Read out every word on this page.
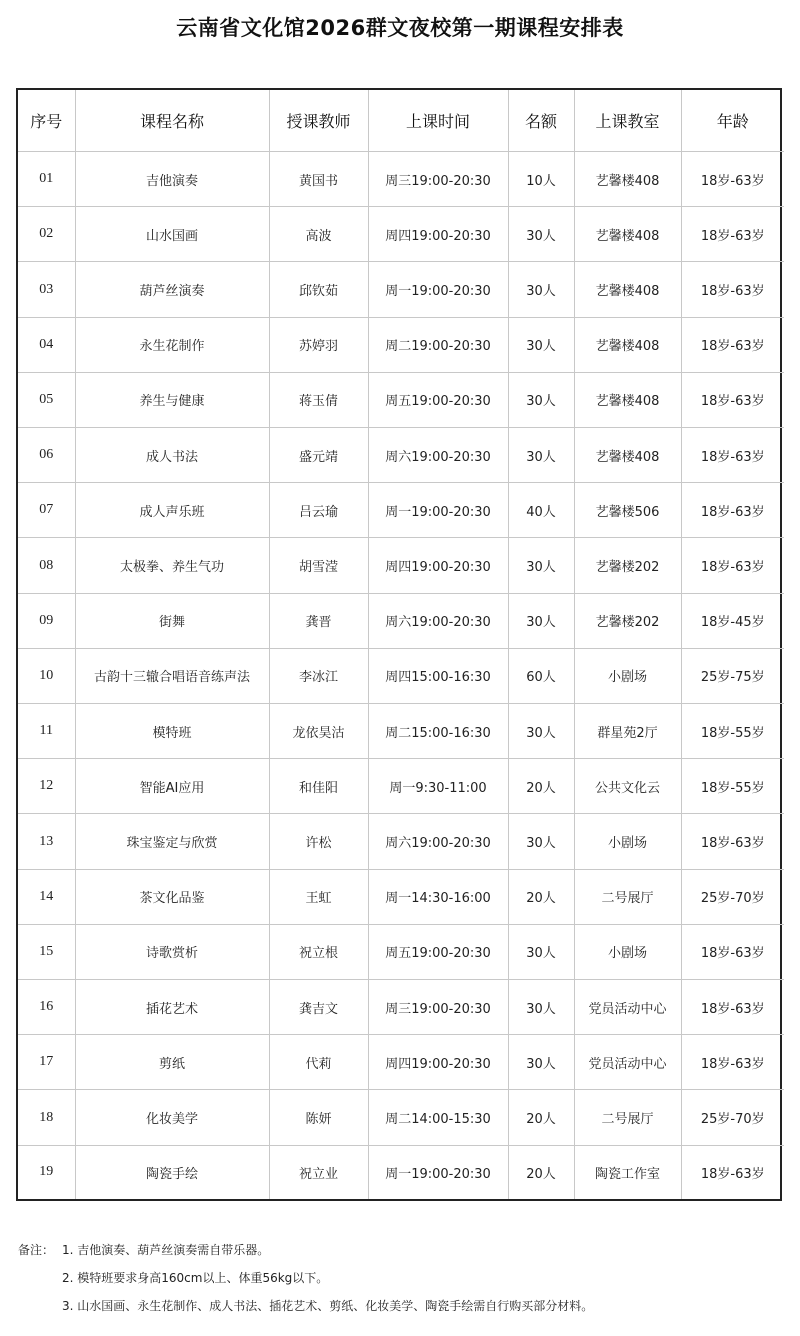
云南省文化馆2026群文夜校第一期课程安排表
序号	课程名称	授课教师	上课时间	名额	上课教室	年龄
01	吉他演奏	黄国书	周三19:00-20:30	10人	艺馨楼408	18岁-63岁
02	山水国画	高波	周四19:00-20:30	30人	艺馨楼408	18岁-63岁
03	葫芦丝演奏	邱钦茹	周一19:00-20:30	30人	艺馨楼408	18岁-63岁
04	永生花制作	苏婷羽	周二19:00-20:30	30人	艺馨楼408	18岁-63岁
05	养生与健康	蒋玉倩	周五19:00-20:30	30人	艺馨楼408	18岁-63岁
06	成人书法	盛元靖	周六19:00-20:30	30人	艺馨楼408	18岁-63岁
07	成人声乐班	吕云瑜	周一19:00-20:30	40人	艺馨楼506	18岁-63岁
08	太极拳、养生气功	胡雪滢	周四19:00-20:30	30人	艺馨楼202	18岁-63岁
09	街舞	龚晋	周六19:00-20:30	30人	艺馨楼202	18岁-45岁
10	古韵十三辙合唱语音练声法	李冰江	周四15:00-16:30	60人	小剧场	25岁-75岁
11	模特班	龙依昊沽	周二15:00-16:30	30人	群星苑2厅	18岁-55岁
12	智能AI应用	和佳阳	周一9:30-11:00	20人	公共文化云	18岁-55岁
13	珠宝鉴定与欣赏	许松	周六19:00-20:30	30人	小剧场	18岁-63岁
14	茶文化品鉴	王虹	周一14:30-16:00	20人	二号展厅	25岁-70岁
15	诗歌赏析	祝立根	周五19:00-20:30	30人	小剧场	18岁-63岁
16	插花艺术	龚吉文	周三19:00-20:30	30人	党员活动中心	18岁-63岁
17	剪纸	代莉	周四19:00-20:30	30人	党员活动中心	18岁-63岁
18	化妆美学	陈妍	周二14:00-15:30	20人	二号展厅	25岁-70岁
19	陶瓷手绘	祝立业	周一19:00-20:30	20人	陶瓷工作室	18岁-63岁
备注： 1. 吉他演奏、葫芦丝演奏需自带乐器。
2. 模特班要求身高160cm以上、体重56kg以下。
3. 山水国画、永生花制作、成人书法、插花艺术、剪纸、化妆美学、陶瓷手绘需自行购买部分材料。
